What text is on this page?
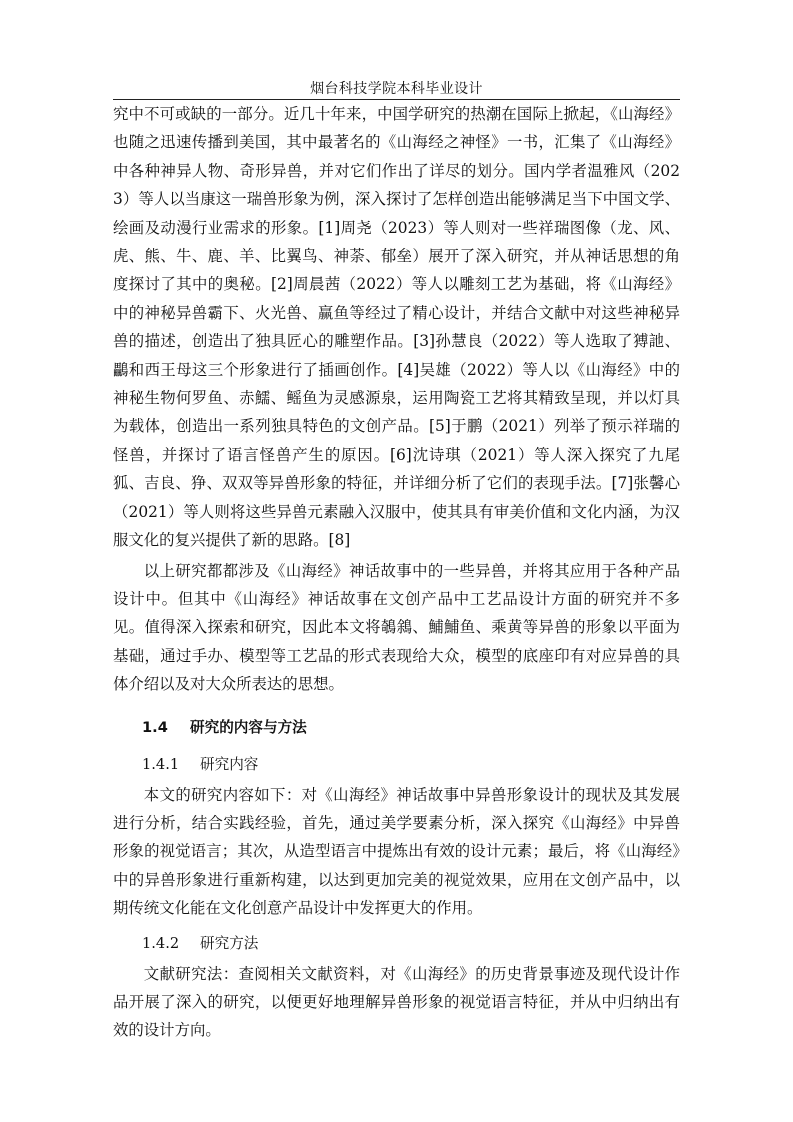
烟台科技学院本科毕业设计

究中不可或缺的一部分。近几十年来，中国学研究的热潮在国际上掀起，《山海经》也随之迅速传播到美国，其中最著名的《山海经之神怪》一书，汇集了《山海经》中各种神异人物、奇形异兽，并对它们作出了详尽的划分。国内学者温雅风（2023）等人以当康这一瑞兽形象为例，深入探讨了怎样创造出能够满足当下中国文学、绘画及动漫行业需求的形象。[1]周尧（2023）等人则对一些祥瑞图像（龙、风、虎、熊、牛、鹿、羊、比翼鸟、神荼、郁垒）展开了深入研究，并从神话思想的角度探讨了其中的奥秘。[2]周晨茜（2022）等人以雕刻工艺为基础，将《山海经》中的神秘异兽霸下、火光兽、赢鱼等经过了精心设计，并结合文献中对这些神秘异兽的描述，创造出了独具匠心的雕塑作品。[3]孙慧良（2022）等人选取了猼訑、鸓和西王母这三个形象进行了插画创作。[4]吴雄（2022）等人以《山海经》中的神秘生物何罗鱼、赤鱬、鳐鱼为灵感源泉，运用陶瓷工艺将其精致呈现，并以灯具为载体，创造出一系列独具特色的文创产品。[5]于鹏（2021）列举了预示祥瑞的怪兽，并探讨了语言怪兽产生的原因。[6]沈诗琪（2021）等人深入探究了九尾狐、吉良、狰、双双等异兽形象的特征，并详细分析了它们的表现手法。[7]张馨心（2021）等人则将这些异兽元素融入汉服中，使其具有审美价值和文化内涵，为汉服文化的复兴提供了新的思路。[8]

以上研究都都涉及《山海经》神话故事中的一些异兽，并将其应用于各种产品设计中。但其中《山海经》神话故事在文创产品中工艺品设计方面的研究并不多见。值得深入探索和研究，因此本文将鵸䳜、鯆鯆鱼、乘黄等异兽的形象以平面为基础，通过手办、模型等工艺品的形式表现给大众，模型的底座印有对应异兽的具体介绍以及对大众所表达的思想。

1.4 研究的内容与方法
1.4.1 研究内容

本文的研究内容如下：对《山海经》神话故事中异兽形象设计的现状及其发展进行分析，结合实践经验，首先，通过美学要素分析，深入探究《山海经》中异兽形象的视觉语言；其次，从造型语言中提炼出有效的设计元素；最后，将《山海经》中的异兽形象进行重新构建，以达到更加完美的视觉效果，应用在文创产品中，以期传统文化能在文化创意产品设计中发挥更大的作用。

1.4.2 研究方法

文献研究法：查阅相关文献资料，对《山海经》的历史背景事迹及现代设计作品开展了深入的研究，以便更好地理解异兽形象的视觉语言特征，并从中归纳出有效的设计方向。
